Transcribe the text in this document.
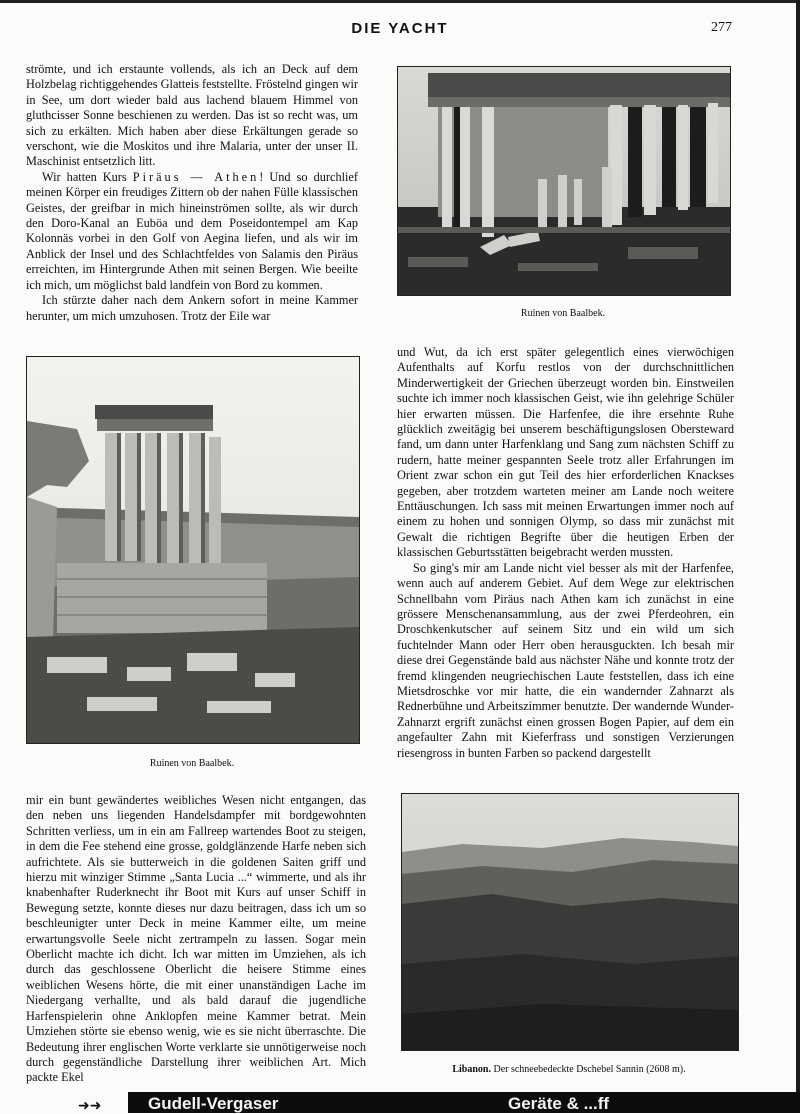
DIE YACHT	277

strömte, und ich erstaunte vollends, als ich an Deck auf dem Holzbelag richtiggehendes Glatteis feststellte. Fröstelnd gingen wir in See, um dort wieder bald aus lachend blauem Himmel von gluthcisser Sonne beschienen zu werden. Das ist so recht was, um sich zu erkälten. Mich haben aber diese Erkältungen gerade so verschont, wie die Moskitos und ihre Malaria, unter der unser II. Maschinist entsetzlich litt.

Wir hatten Kurs Piräus — Athen! Und so durchlief meinen Körper ein freudiges Zittern ob der nahen Fülle klassischen Geistes, der greifbar in mich hineinströmen sollte, als wir durch den Doro-Kanal an Euböa und dem Poseidontempel am Kap Kolonnäs vorbei in den Golf von Aegina liefen, und als wir im Anblick der Insel und des Schlachtfeldes von Salamis den Piräus erreichten, im Hintergrunde Athen mit seinen Bergen. Wie beeilte ich mich, um möglichst bald landfein von Bord zu kommen.

Ich stürzte daher nach dem Ankern sofort in meine Kammer herunter, um mich umzuhosen. Trotz der Eile war	Ruinen von Baalbek.
Ruinen von Baalbek.

und Wut, da ich erst später gelegentlich eines vierwöchigen Aufenthalts auf Korfu restlos von der durchschnittlichen Minderwertigkeit der Griechen überzeugt worden bin. Einstweilen suchte ich immer noch klassischen Geist, wie ihn gelehrige Schüler hier erwarten müssen. Die Harfenfee, die ihre ersehnte Ruhe glücklich zweitägig bei unserem beschäftigungslosen Obersteward fand, um dann unter Harfenklang und Sang zum nächsten Schiff zu rudern, hatte meiner gespannten Seele trotz aller Erfahrungen im Orient zwar schon ein gut Teil des hier erforderlichen Knackses gegeben, aber trotzdem warteten meiner am Lande noch weitere Enttäuschungen. Ich sass mit meinen Erwartungen immer noch auf einem zu hohen und sonnigen Olymp, so dass mir zunächst mit Gewalt die richtigen Begrifte über die heutigen Erben der klassischen Geburtsstätten beigebracht werden mussten.

So ging's mir am Lande nicht viel besser als mit der Harfenfee, wenn auch auf anderem Gebiet. Auf dem Wege zur elektrischen Schnellbahn vom Piräus nach Athen kam ich zunächst in eine grössere Menschenansammlung, aus der zwei Pferdeohren, ein Droschkenkutscher auf seinem Sitz und ein wild um sich fuchtelnder Mann oder Herr oben herausguckten. Ich besah mir diese drei Gegenstände bald aus nächster Nähe und konnte trotz der fremd klingenden neugriechischen Laute feststellen, dass ich eine Mietsdroschke vor mir hatte, die ein wandernder Zahnarzt als Rednerbühne und Arbeitszimmer benutzte. Der wandernde Wunder-Zahnarzt ergrift zunächst einen grossen Bogen Papier, auf dem ein angefaulter Zahn mit Kieferfrass und sonstigen Verzierungen riesengross in bunten Farben so packend dargestellt

mir ein bunt gewändertes weibliches Wesen nicht entgangen, das den neben uns liegenden Handelsdampfer mit bordgewohnten Schritten verliess, um in ein am Fallreep wartendes Boot zu steigen, in dem die Fee stehend eine grosse, goldglänzende Harfe neben sich aufrichtete. Als sie butterweich in die goldenen Saiten griff und hierzu mit winziger Stimme „Santa Lucia ...“ wimmerte, und als ihr knabenhafter Ruderknecht ihr Boot mit Kurs auf unser Schiff in Bewegung setzte, konnte dieses nur dazu beitragen, dass ich um so beschleunigter unter Deck in meine Kammer eilte, um meine erwartungsvolle Seele nicht zertrampeln zu lassen. Sogar mein Oberlicht machte ich dicht. Ich war mitten im Umziehen, als ich durch das geschlossene Oberlicht die heisere Stimme eines weiblichen Wesens hörte, die mit einer unanständigen Lache im Niedergang verhallte, und als bald darauf die jugendliche Harfenspielerin ohne Anklopfen meine Kammer betrat. Mein Umziehen störte sie ebenso wenig, wie es sie nicht überraschte. Die Bedeutung ihrer englischen Worte verklarte sie unnötigerweise noch durch gegenständliche Darstellung ihrer weiblichen Art. Mich packte Ekel

Libanon. Der schneebedeckte Dschebel Sannin (2608 m).
➜➜	Gudell-Vergaser	Geräte & ...ff
